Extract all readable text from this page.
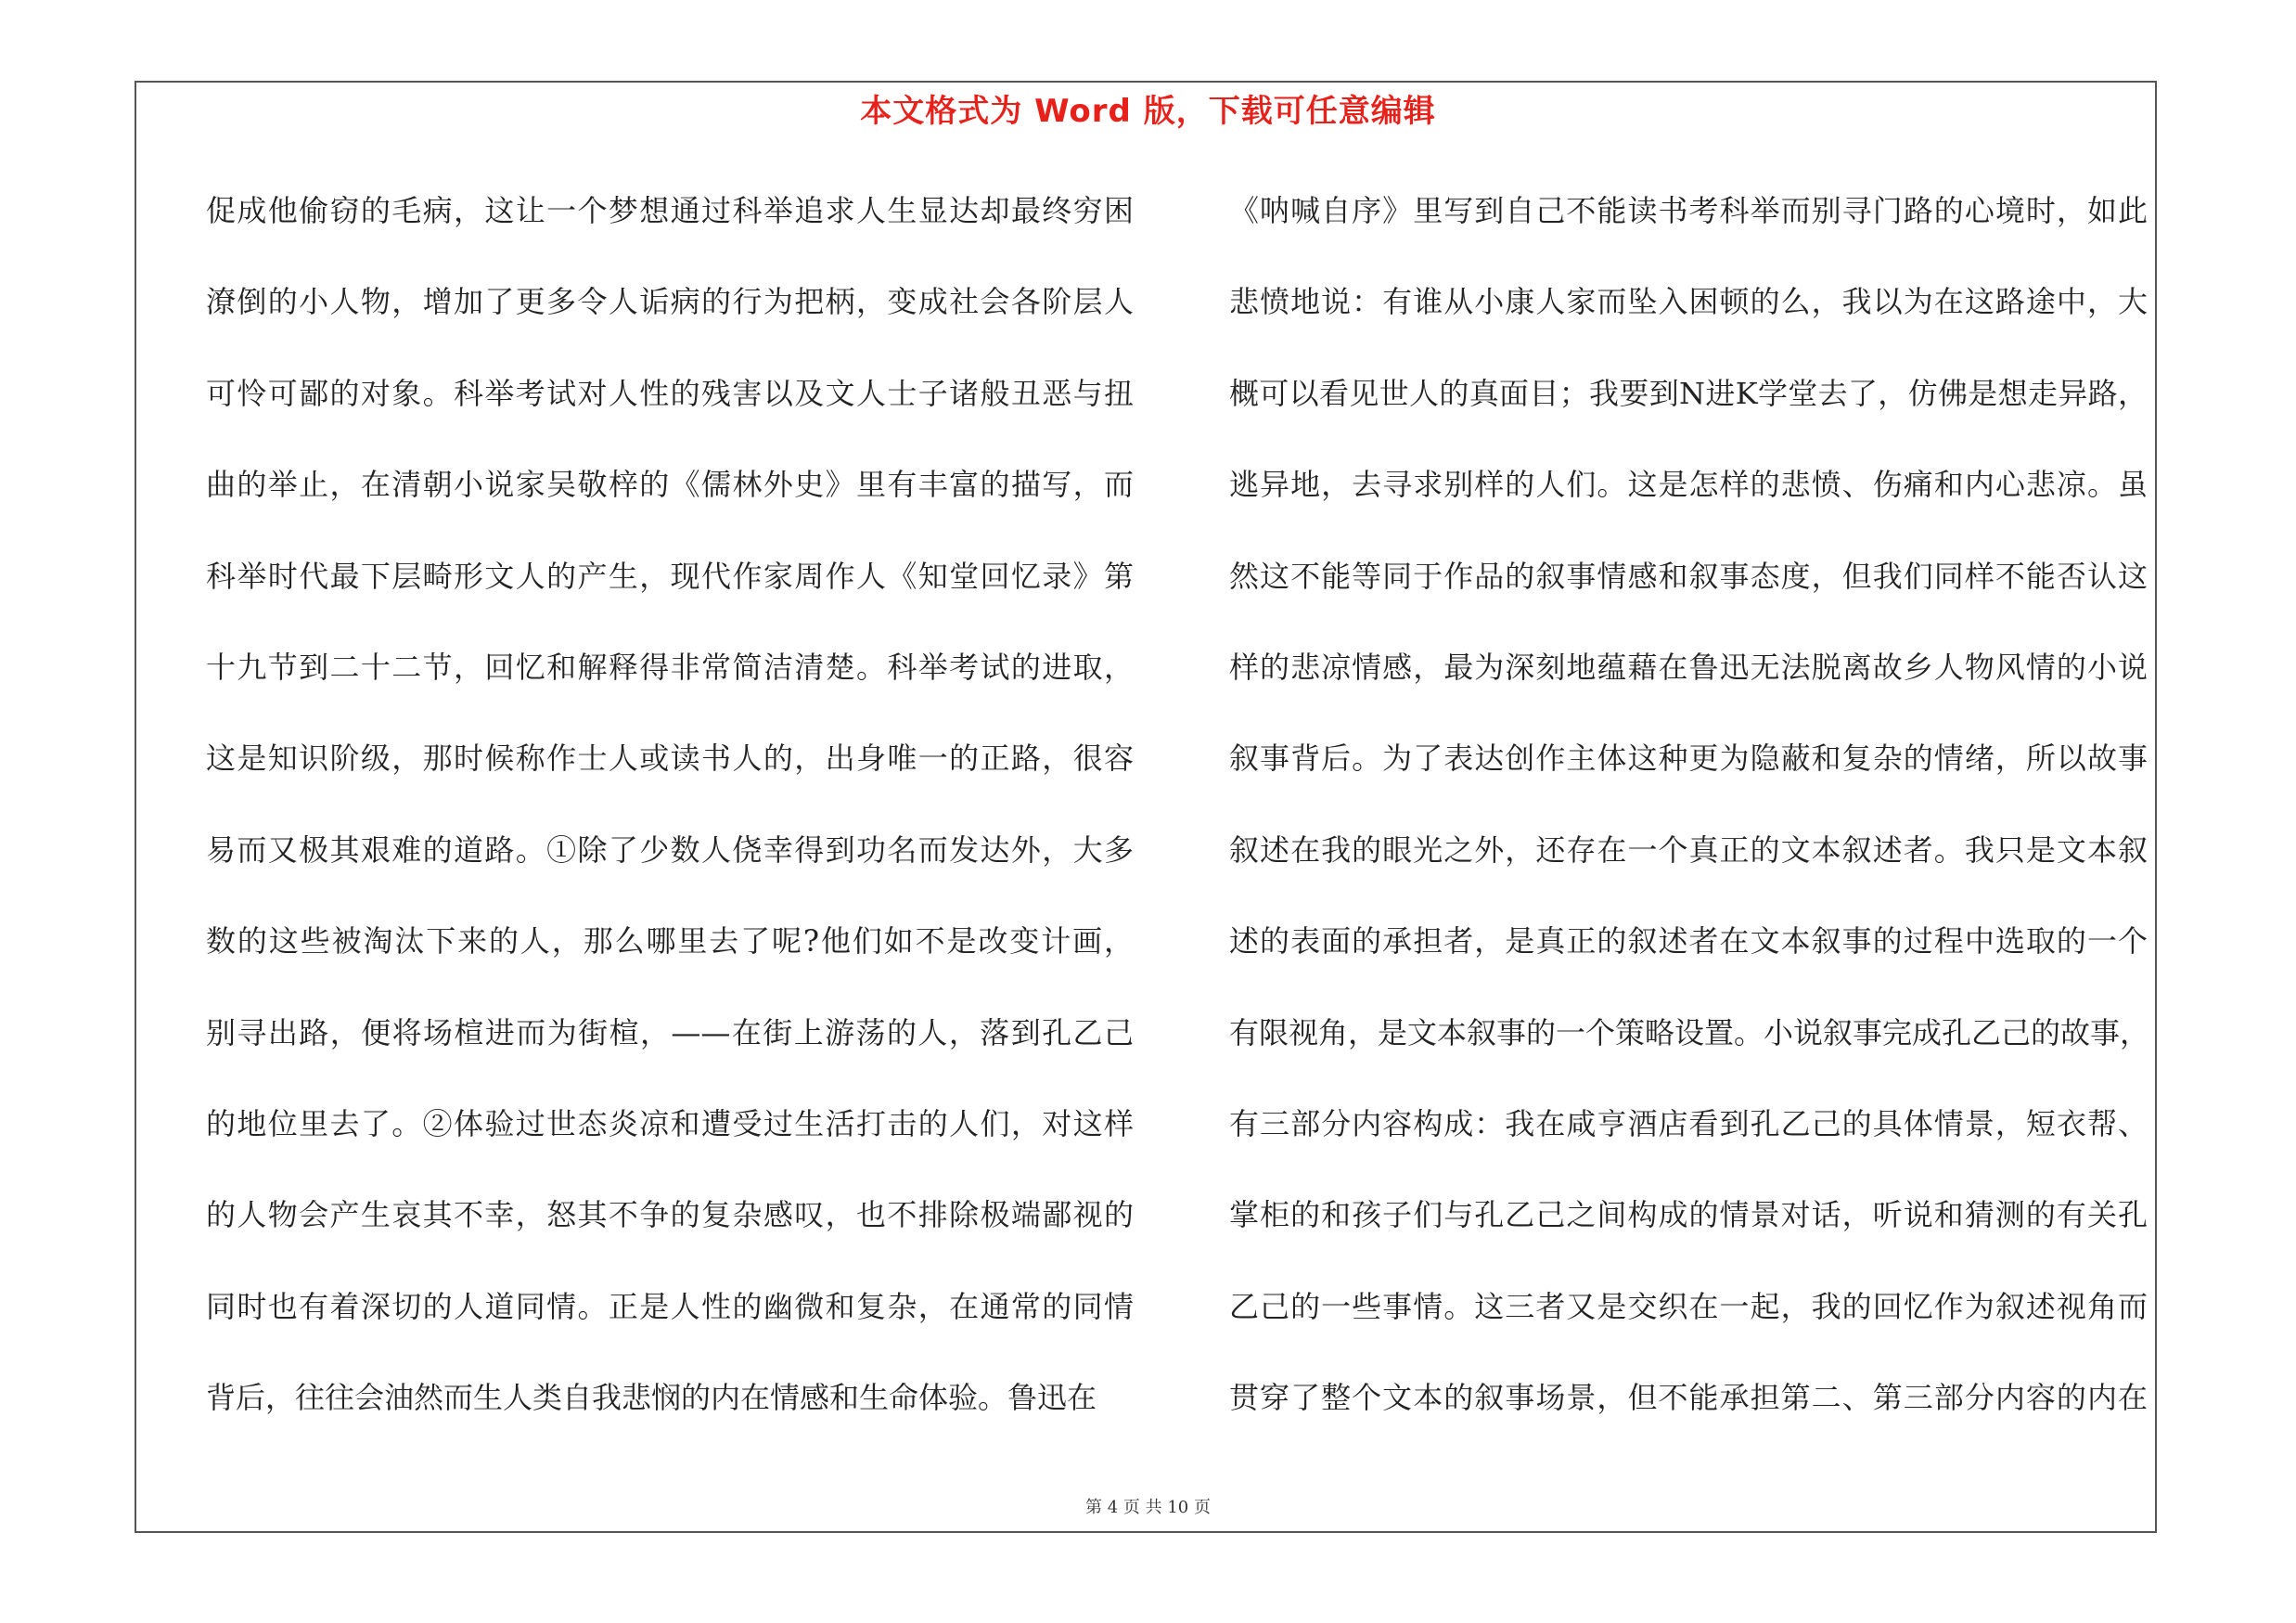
本文格式为 Word 版，下载可任意编辑
促成他偷窃的毛病，这让一个梦想通过科举追求人生显达却最终穷困
潦倒的小人物，增加了更多令人诟病的行为把柄，变成社会各阶层人
可怜可鄙的对象。科举考试对人性的残害以及文人士子诸般丑恶与扭
曲的举止，在清朝小说家吴敬梓的《儒林外史》里有丰富的描写，而
科举时代最下层畸形文人的产生，现代作家周作人《知堂回忆录》第
十九节到二十二节，回忆和解释得非常简洁清楚。科举考试的进取，
这是知识阶级，那时候称作士人或读书人的，出身唯一的正路，很容
易而又极其艰难的道路。①除了少数人侥幸得到功名而发达外，大多
数的这些被淘汰下来的人，那么哪里去了呢?他们如不是改变计画，
别寻出路，便将场楦进而为街楦，——在街上游荡的人，落到孔乙己
的地位里去了。②体验过世态炎凉和遭受过生活打击的人们，对这样
的人物会产生哀其不幸，怒其不争的复杂感叹，也不排除极端鄙视的
同时也有着深切的人道同情。正是人性的幽微和复杂，在通常的同情
背后，往往会油然而生人类自我悲悯的内在情感和生命体验。鲁迅在
《呐喊自序》里写到自己不能读书考科举而别寻门路的心境时，如此
悲愤地说：有谁从小康人家而坠入困顿的么，我以为在这路途中，大
概可以看见世人的真面目；我要到N进K学堂去了，仿佛是想走异路，
逃异地，去寻求别样的人们。这是怎样的悲愤、伤痛和内心悲凉。虽
然这不能等同于作品的叙事情感和叙事态度，但我们同样不能否认这
样的悲凉情感，最为深刻地蕴藉在鲁迅无法脱离故乡人物风情的小说
叙事背后。为了表达创作主体这种更为隐蔽和复杂的情绪，所以故事
叙述在我的眼光之外，还存在一个真正的文本叙述者。我只是文本叙
述的表面的承担者，是真正的叙述者在文本叙事的过程中选取的一个
有限视角，是文本叙事的一个策略设置。小说叙事完成孔乙己的故事，
有三部分内容构成：我在咸亨酒店看到孔乙己的具体情景，短衣帮、
掌柜的和孩子们与孔乙己之间构成的情景对话，听说和猜测的有关孔
乙己的一些事情。这三者又是交织在一起，我的回忆作为叙述视角而
贯穿了整个文本的叙事场景，但不能承担第二、第三部分内容的内在
第 4 页 共 10 页
